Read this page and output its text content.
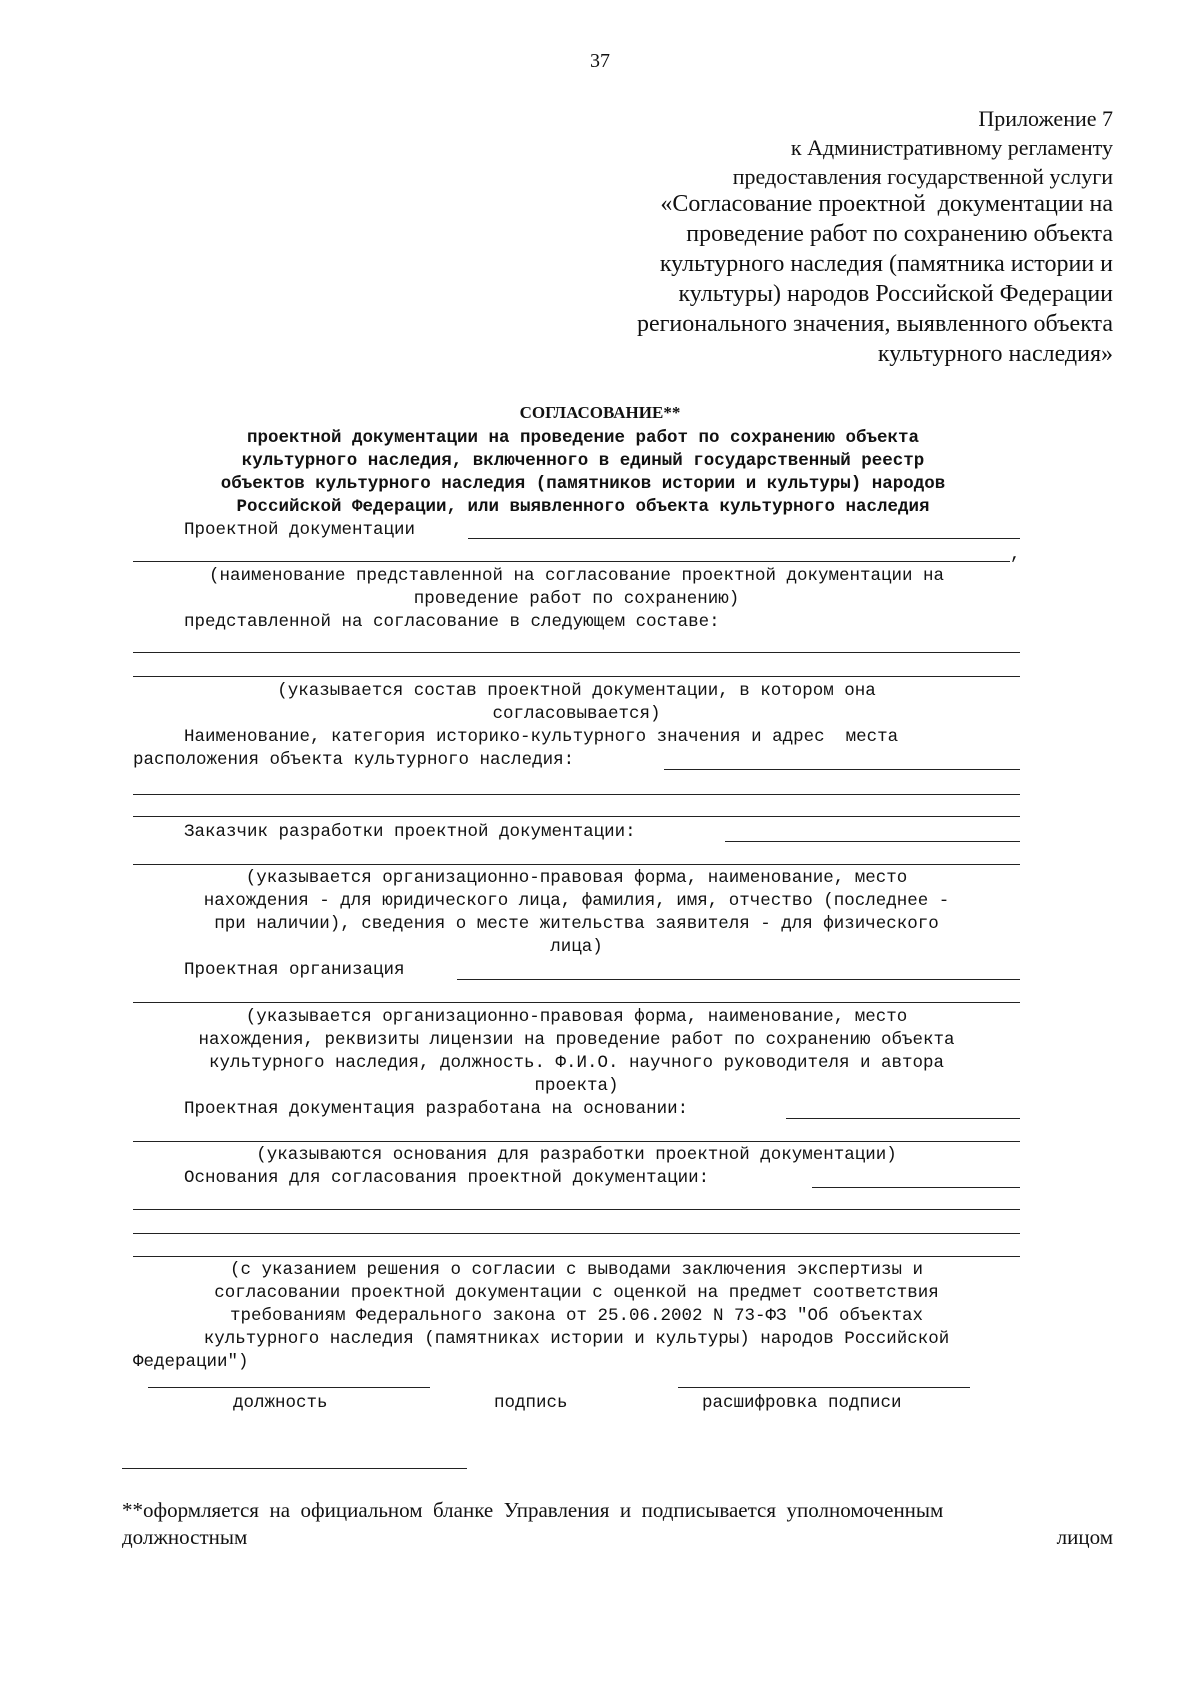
37
Приложение 7
к Административному регламенту
предоставления государственной услуги
«Согласование проектной  документации на
проведение работ по сохранению объекта
культурного наследия (памятника истории и
культуры) народов Российской Федерации
регионального значения, выявленного объекта
культурного наследия»
СОГЛАСОВАНИЕ**
проектной документации на проведение работ по сохранению объекта
культурного наследия, включенного в единый государственный реестр
объектов культурного наследия (памятников истории и культуры) народов
Российской Федерации, или выявленного объекта культурного наследия
Проектной документации
,
(наименование представленной на согласование проектной документации на
проведение работ по сохранению)
представленной на согласование в следующем составе:
(указывается состав проектной документации, в котором она
согласовывается)
Наименование, категория историко-культурного значения и адрес  места
расположения объекта культурного наследия:
Заказчик разработки проектной документации:
(указывается организационно-правовая форма, наименование, место
нахождения - для юридического лица, фамилия, имя, отчество (последнее -
при наличии), сведения о месте жительства заявителя - для физического
лица)
Проектная организация
(указывается организационно-правовая форма, наименование, место
нахождения, реквизиты лицензии на проведение работ по сохранению объекта
культурного наследия, должность. Ф.И.О. научного руководителя и автора
проекта)
Проектная документация разработана на основании:
(указываются основания для разработки проектной документации)
Основания для согласования проектной документации:
(с указанием решения о согласии с выводами заключения экспертизы и
согласовании проектной документации с оценкой на предмет соответствия
требованиям Федерального закона от 25.06.2002 N 73-ФЗ "Об объектах
культурного наследия (памятниках истории и культуры) народов Российской
Федерации")
должность	подпись	расшифровка подписи
**оформляется  на  официальном  бланке  Управления  и  подписывается  уполномоченным
должностным	лицом
